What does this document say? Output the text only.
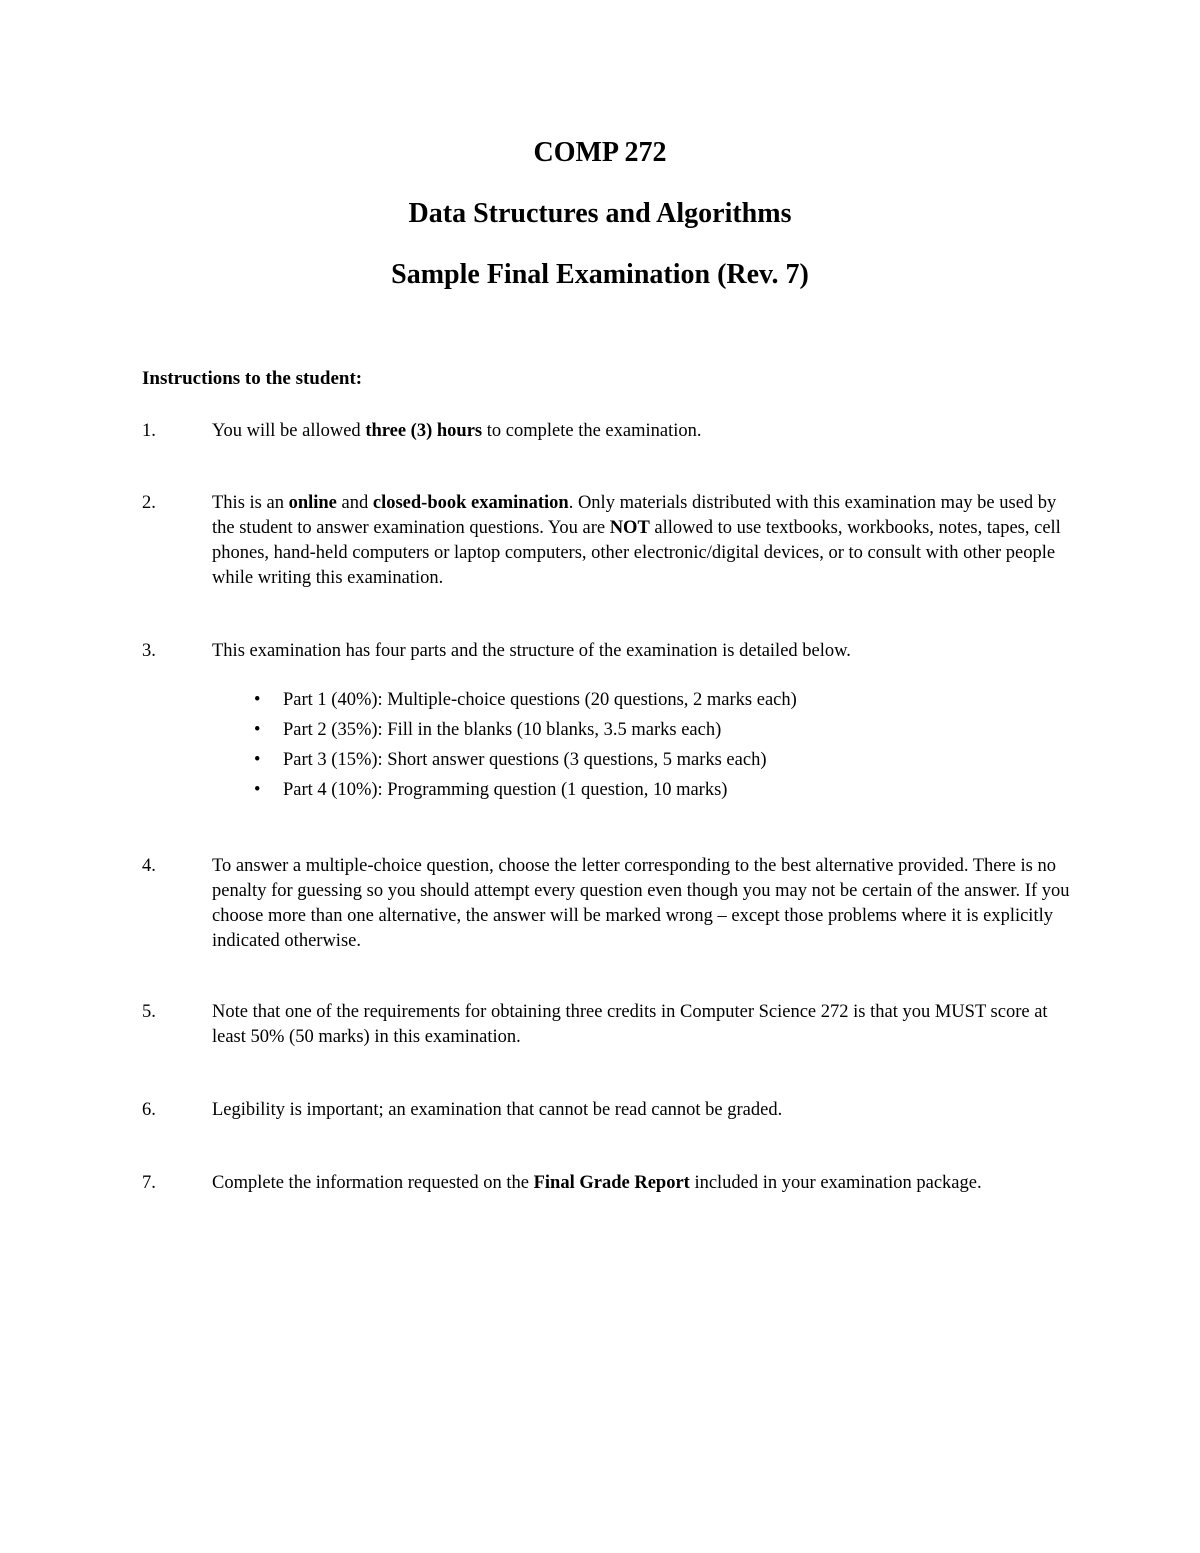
COMP 272
Data Structures and Algorithms
Sample Final Examination (Rev. 7)
Instructions to the student:
1.	You will be allowed three (3) hours to complete the examination.
2.	This is an online and closed-book examination. Only materials distributed with this examination may be used by the student to answer examination questions. You are NOT allowed to use textbooks, workbooks, notes, tapes, cell phones, hand-held computers or laptop computers, other electronic/digital devices, or to consult with other people while writing this examination.
3.	This examination has four parts and the structure of the examination is detailed below.
• Part 1 (40%): Multiple-choice questions (20 questions, 2 marks each)
• Part 2 (35%): Fill in the blanks (10 blanks, 3.5 marks each)
• Part 3 (15%): Short answer questions (3 questions, 5 marks each)
• Part 4 (10%): Programming question (1 question, 10 marks)
4.	To answer a multiple-choice question, choose the letter corresponding to the best alternative provided. There is no penalty for guessing so you should attempt every question even though you may not be certain of the answer. If you choose more than one alternative, the answer will be marked wrong – except those problems where it is explicitly indicated otherwise.
5.	Note that one of the requirements for obtaining three credits in Computer Science 272 is that you MUST score at least 50% (50 marks) in this examination.
6.	Legibility is important; an examination that cannot be read cannot be graded.
7.	Complete the information requested on the Final Grade Report included in your examination package.
